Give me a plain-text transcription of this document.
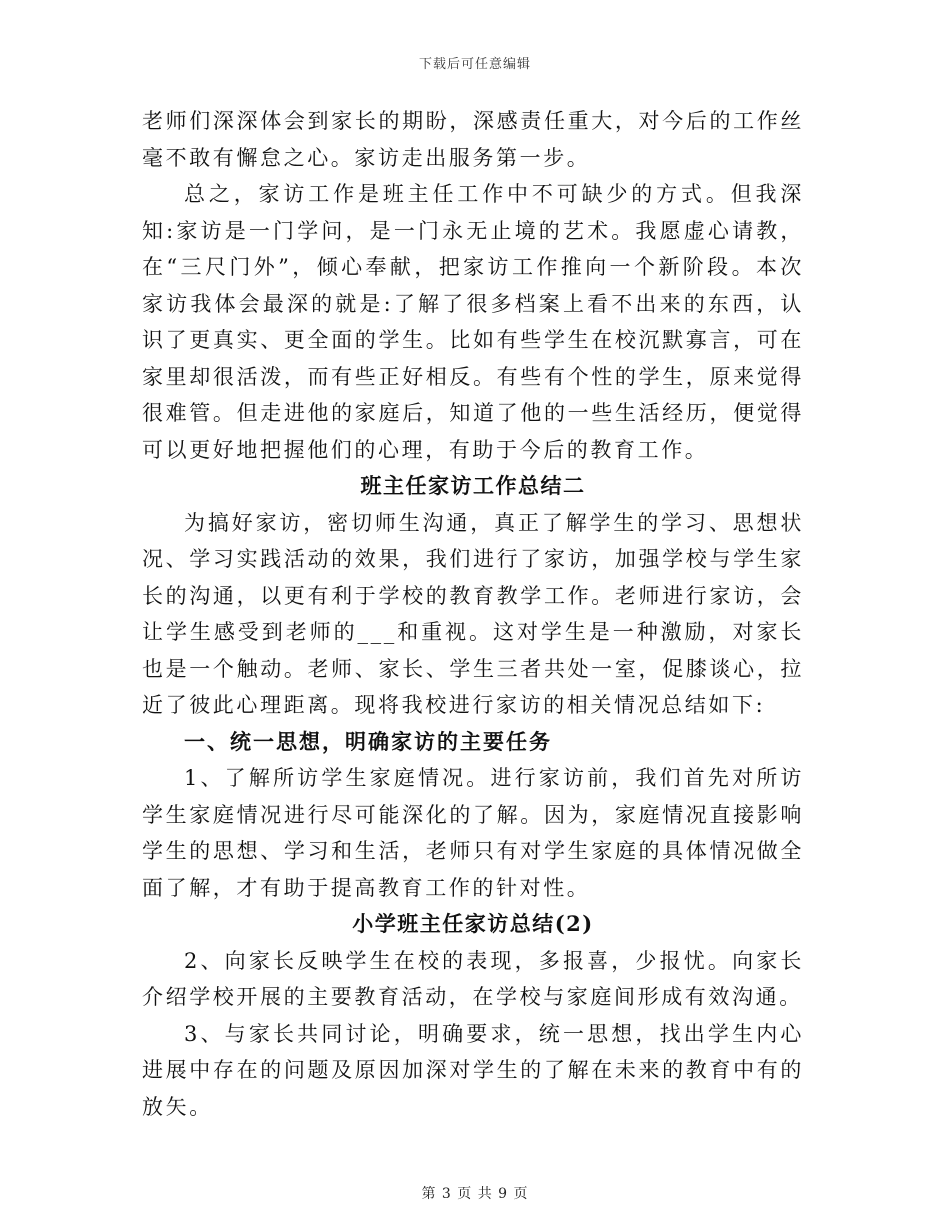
下载后可任意编辑

老师们深深体会到家长的期盼，深感责任重大，对今后的工作丝毫不敢有懈怠之心。家访走出服务第一步。

总之，家访工作是班主任工作中不可缺少的方式。但我深知:家访是一门学问，是一门永无止境的艺术。我愿虚心请教，在“三尺门外”，倾心奉献，把家访工作推向一个新阶段。本次家访我体会最深的就是:了解了很多档案上看不出来的东西，认识了更真实、更全面的学生。比如有些学生在校沉默寡言，可在家里却很活泼，而有些正好相反。有些有个性的学生，原来觉得很难管。但走进他的家庭后，知道了他的一些生活经历，便觉得可以更好地把握他们的心理，有助于今后的教育工作。

班主任家访工作总结二

为搞好家访，密切师生沟通，真正了解学生的学习、思想状况、学习实践活动的效果，我们进行了家访，加强学校与学生家长的沟通，以更有利于学校的教育教学工作。老师进行家访，会让学生感受到老师的___和重视。这对学生是一种激励，对家长也是一个触动。老师、家长、学生三者共处一室，促膝谈心，拉近了彼此心理距离。现将我校进行家访的相关情况总结如下:

一、统一思想，明确家访的主要任务

1、了解所访学生家庭情况。进行家访前，我们首先对所访学生家庭情况进行尽可能深化的了解。因为，家庭情况直接影响学生的思想、学习和生活，老师只有对学生家庭的具体情况做全面了解，才有助于提高教育工作的针对性。

小学班主任家访总结(2)

2、向家长反映学生在校的表现，多报喜，少报忧。向家长介绍学校开展的主要教育活动，在学校与家庭间形成有效沟通。

3、与家长共同讨论，明确要求，统一思想，找出学生内心进展中存在的问题及原因加深对学生的了解在未来的教育中有的放矢。

第 3 页 共 9 页
